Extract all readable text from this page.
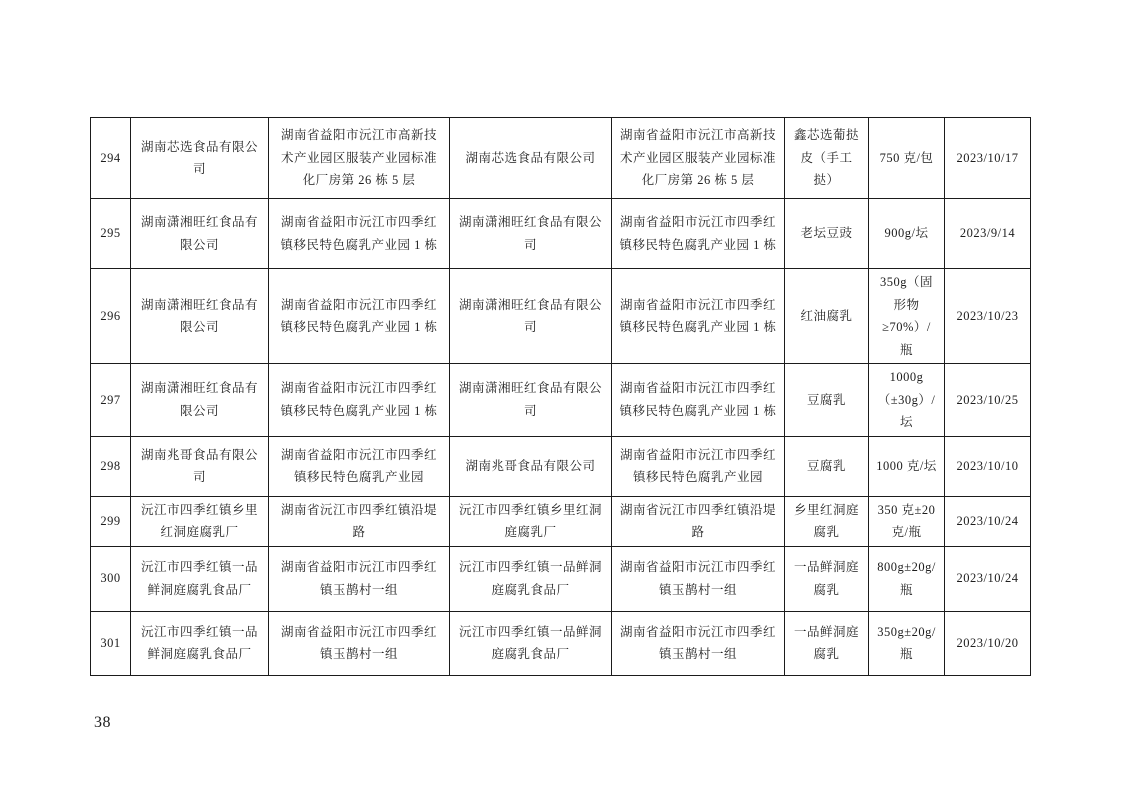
294	湖南芯选食品有限公司	湖南省益阳市沅江市高新技术产业园区服装产业园标准化厂房第 26 栋 5 层	湖南芯选食品有限公司	湖南省益阳市沅江市高新技术产业园区服装产业园标准化厂房第 26 栋 5 层	鑫芯选葡挞皮（手工挞）	750 克/包	2023/10/17
295	湖南潇湘旺红食品有限公司	湖南省益阳市沅江市四季红镇移民特色腐乳产业园 1 栋	湖南潇湘旺红食品有限公司	湖南省益阳市沅江市四季红镇移民特色腐乳产业园 1 栋	老坛豆豉	900g/坛	2023/9/14
296	湖南潇湘旺红食品有限公司	湖南省益阳市沅江市四季红镇移民特色腐乳产业园 1 栋	湖南潇湘旺红食品有限公司	湖南省益阳市沅江市四季红镇移民特色腐乳产业园 1 栋	红油腐乳	350g（固形物≥70%）/瓶	2023/10/23
297	湖南潇湘旺红食品有限公司	湖南省益阳市沅江市四季红镇移民特色腐乳产业园 1 栋	湖南潇湘旺红食品有限公司	湖南省益阳市沅江市四季红镇移民特色腐乳产业园 1 栋	豆腐乳	1000g（±30g）/坛	2023/10/25
298	湖南兆哥食品有限公司	湖南省益阳市沅江市四季红镇移民特色腐乳产业园	湖南兆哥食品有限公司	湖南省益阳市沅江市四季红镇移民特色腐乳产业园	豆腐乳	1000 克/坛	2023/10/10
299	沅江市四季红镇乡里红洞庭腐乳厂	湖南省沅江市四季红镇沿堤路	沅江市四季红镇乡里红洞庭腐乳厂	湖南省沅江市四季红镇沿堤路	乡里红洞庭腐乳	350 克±20 克/瓶	2023/10/24
300	沅江市四季红镇一品鲜洞庭腐乳食品厂	湖南省益阳市沅江市四季红镇玉鹊村一组	沅江市四季红镇一品鲜洞庭腐乳食品厂	湖南省益阳市沅江市四季红镇玉鹊村一组	一品鲜洞庭腐乳	800g±20g/瓶	2023/10/24
301	沅江市四季红镇一品鲜洞庭腐乳食品厂	湖南省益阳市沅江市四季红镇玉鹊村一组	沅江市四季红镇一品鲜洞庭腐乳食品厂	湖南省益阳市沅江市四季红镇玉鹊村一组	一品鲜洞庭腐乳	350g±20g/瓶	2023/10/20
38
